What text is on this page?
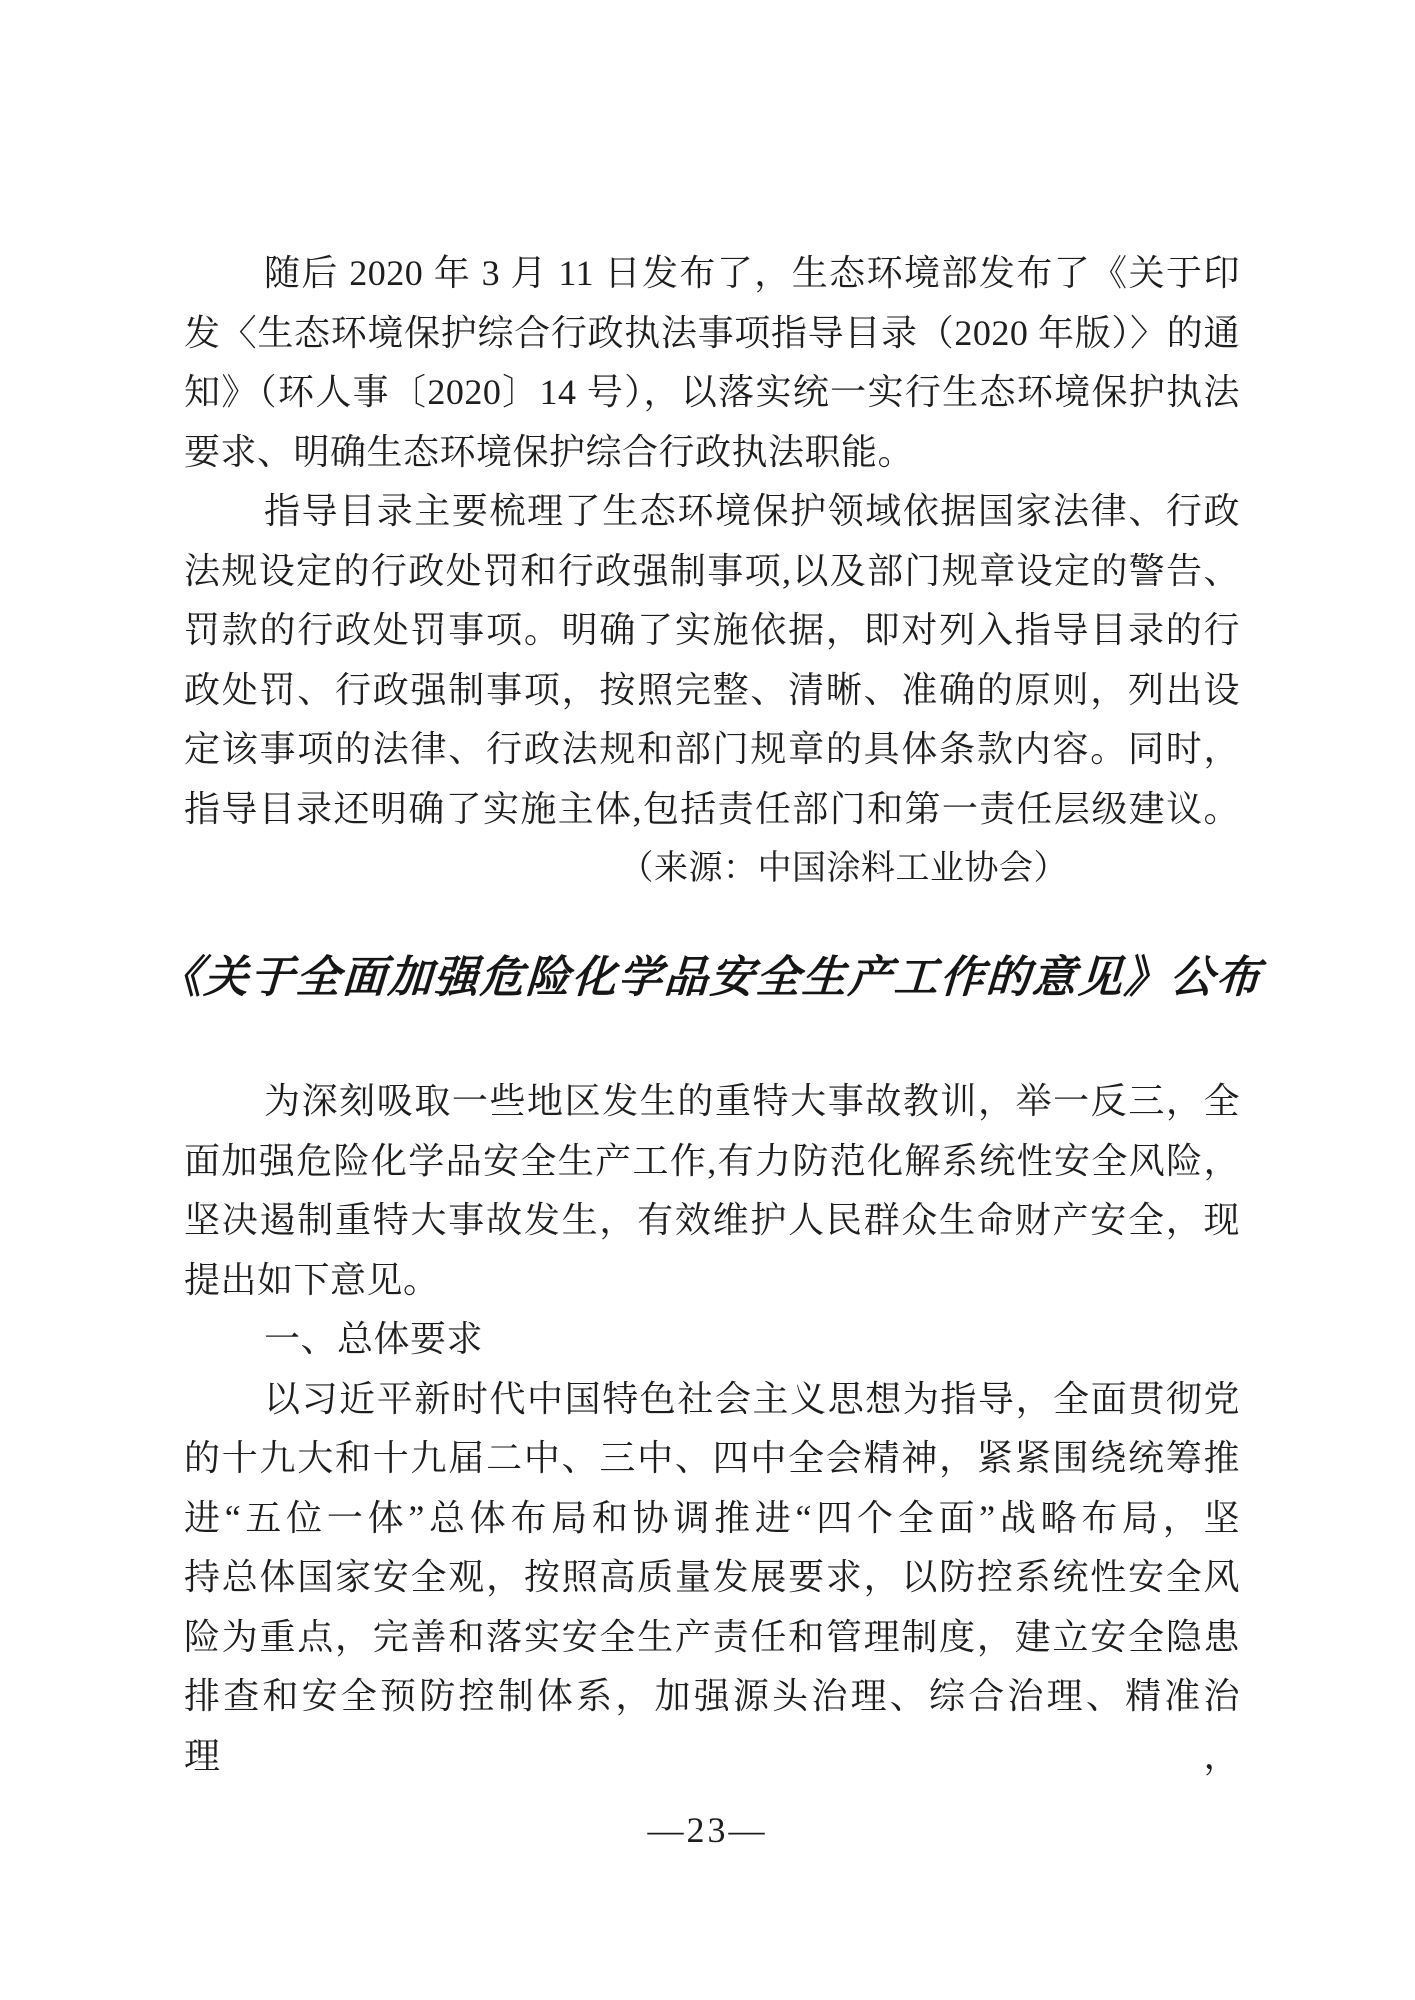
随后 2020 年 3 月 11 日发布了，生态环境部发布了《关于印
发〈生态环境保护综合行政执法事项指导目录（2020 年版）〉的通
知》（环人事〔2020〕14 号），以落实统一实行生态环境保护执法
要求、明确生态环境保护综合行政执法职能。
指导目录主要梳理了生态环境保护领域依据国家法律、行政
法规设定的行政处罚和行政强制事项,以及部门规章设定的警告、
罚款的行政处罚事项。明确了实施依据，即对列入指导目录的行
政处罚、行政强制事项，按照完整、清晰、准确的原则，列出设
定该事项的法律、行政法规和部门规章的具体条款内容。同时，
指导目录还明确了实施主体,包括责任部门和第一责任层级建议。
（来源：中国涂料工业协会）
《关于全面加强危险化学品安全生产工作的意见》公布
为深刻吸取一些地区发生的重特大事故教训，举一反三，全
面加强危险化学品安全生产工作,有力防范化解系统性安全风险，
坚决遏制重特大事故发生，有效维护人民群众生命财产安全，现
提出如下意见。
一、总体要求
以习近平新时代中国特色社会主义思想为指导，全面贯彻党
的十九大和十九届二中、三中、四中全会精神，紧紧围绕统筹推
进“五位一体”总体布局和协调推进“四个全面”战略布局，坚
持总体国家安全观，按照高质量发展要求，以防控系统性安全风
险为重点，完善和落实安全生产责任和管理制度，建立安全隐患
排查和安全预防控制体系，加强源头治理、综合治理、精准治理，
—23—
